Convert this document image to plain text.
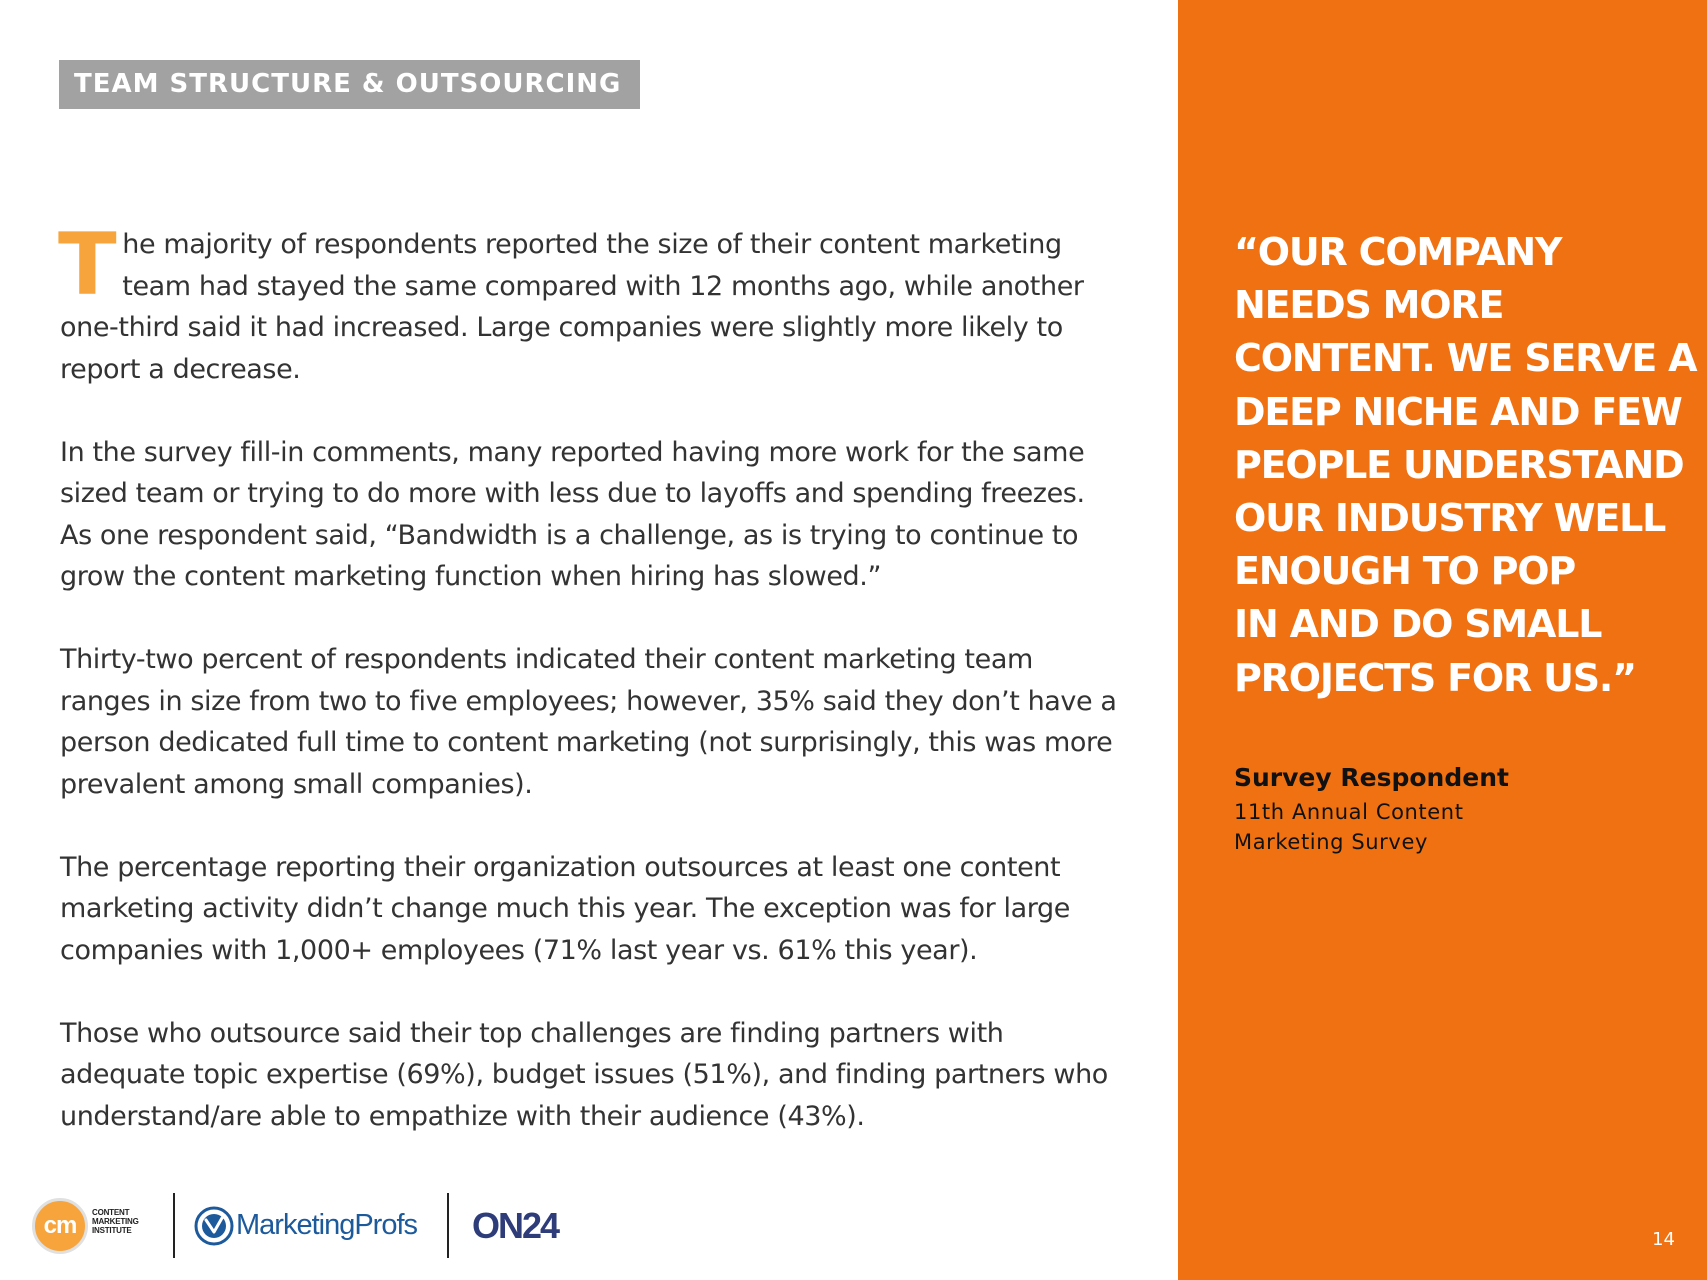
TEAM STRUCTURE & OUTSOURCING

The majority of respondents reported the size of their content marketing team had stayed the same compared with 12 months ago, while another one-third said it had increased. Large companies were slightly more likely to report a decrease.

In the survey fill-in comments, many reported having more work for the same sized team or trying to do more with less due to layoffs and spending freezes. As one respondent said, “Bandwidth is a challenge, as is trying to continue to grow the content marketing function when hiring has slowed.”

Thirty-two percent of respondents indicated their content marketing team ranges in size from two to five employees; however, 35% said they don’t have a person dedicated full time to content marketing (not surprisingly, this was more prevalent among small companies).

The percentage reporting their organization outsources at least one content marketing activity didn’t change much this year. The exception was for large companies with 1,000+ employees (71% last year vs. 61% this year).

Those who outsource said their top challenges are finding partners with adequate topic expertise (69%), budget issues (51%), and finding partners who understand/are able to empathize with their audience (43%).

cm	CONTENT
MARKETING
INSTITUTE	MarketingProfs ON24
“OUR COMPANY
NEEDS MORE
CONTENT. WE SERVE A
DEEP NICHE AND FEW
PEOPLE UNDERSTAND
OUR INDUSTRY WELL
ENOUGH TO POP
IN AND DO SMALL
PROJECTS FOR US.”
Survey Respondent
11th Annual Content Marketing Survey
14
